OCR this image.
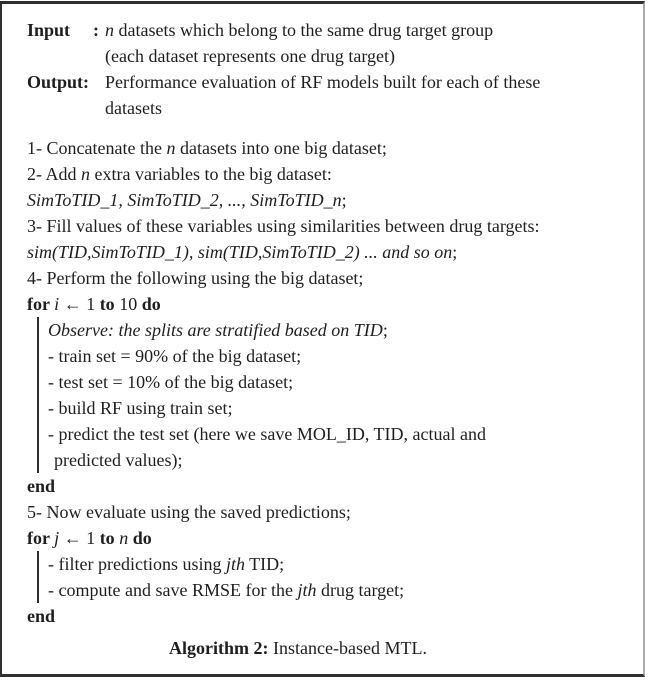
Input : n datasets which belong to the same drug target group
(each dataset represents one drug target)
Output: Performance evaluation of RF models built for each of these
datasets
1- Concatenate the n datasets into one big dataset;
2- Add n extra variables to the big dataset:
SimToTID_1, SimToTID_2, ..., SimToTID_n;
3- Fill values of these variables using similarities between drug targets:
sim(TID,SimToTID_1), sim(TID,SimToTID_2) ... and so on;
4- Perform the following using the big dataset;
for i ← 1 to 10 do
Observe: the splits are stratified based on TID;
- train set = 90% of the big dataset;
- test set = 10% of the big dataset;
- build RF using train set;
- predict the test set (here we save MOL_ID, TID, actual and
predicted values);
end
5- Now evaluate using the saved predictions;
for j ← 1 to n do
- filter predictions using jth TID;
- compute and save RMSE for the jth drug target;
end
Algorithm 2: Instance-based MTL.
